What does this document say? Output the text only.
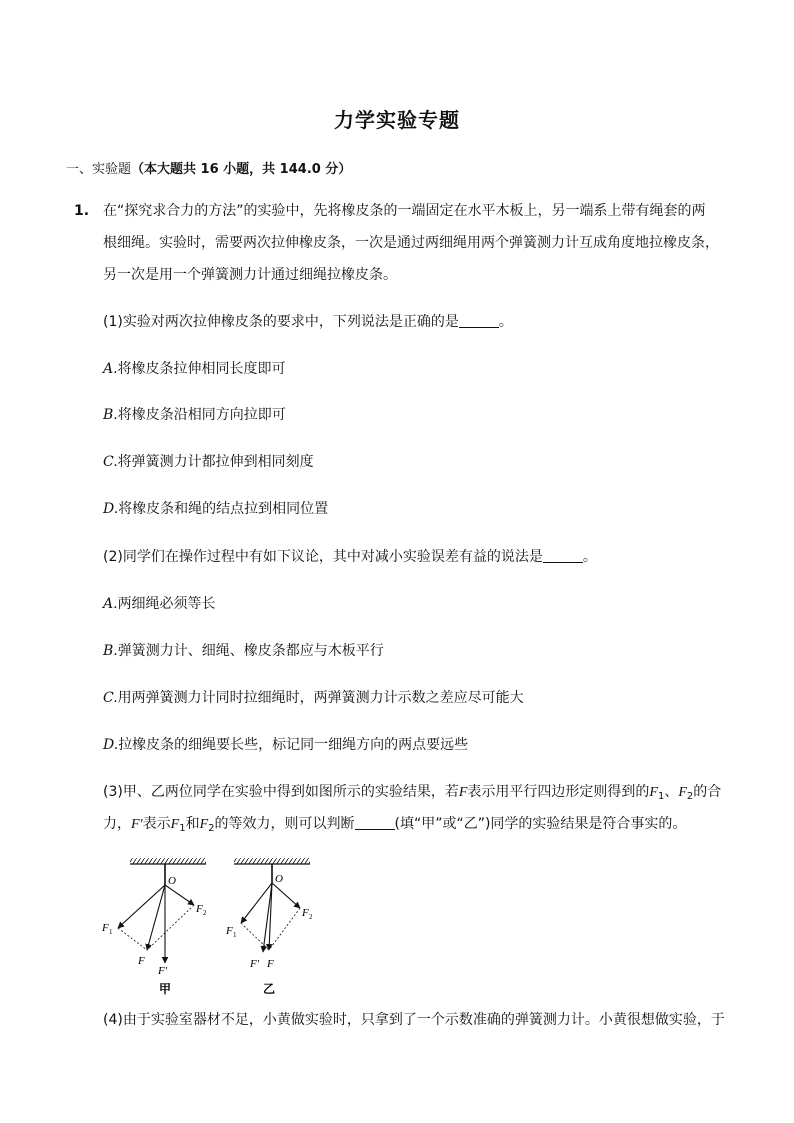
力学实验专题
一、实验题（本大题共 16 小题，共 144.0 分）
1. 在“探究求合力的方法”的实验中，先将橡皮条的一端固定在水平木板上，另一端系上带有绳套的两
根细绳。实验时，需要两次拉伸橡皮条，一次是通过两细绳用两个弹簧测力计互成角度地拉橡皮条，
另一次是用一个弹簧测力计通过细绳拉橡皮条。
(1)实验对两次拉伸橡皮条的要求中，下列说法是正确的是	。
A.将橡皮条拉伸相同长度即可
B.将橡皮条沿相同方向拉即可
C.将弹簧测力计都拉伸到相同刻度
D.将橡皮条和绳的结点拉到相同位置
(2)同学们在操作过程中有如下议论，其中对减小实验误差有益的说法是	。
A.两细绳必须等长
B.弹簧测力计、细绳、橡皮条都应与木板平行
C.用两弹簧测力计同时拉细绳时，两弹簧测力计示数之差应尽可能大
D.拉橡皮条的细绳要长些，标记同一细绳方向的两点要远些
(3)甲、乙两位同学在实验中得到如图所示的实验结果，若F表示用平行四边形定则得到的$F_1$、$F_2$的合
力，F′表示$F_1$和$F_2$的等效力，则可以判断	(填“甲”或“乙”)同学的实验结果是符合事实的。
O
F 1
F 2
F
F′
甲
O
F 1
F 2
F′ F
乙
(4)由于实验室器材不足，小黄做实验时，只拿到了一个示数准确的弹簧测力计。小黄很想做实验，于
